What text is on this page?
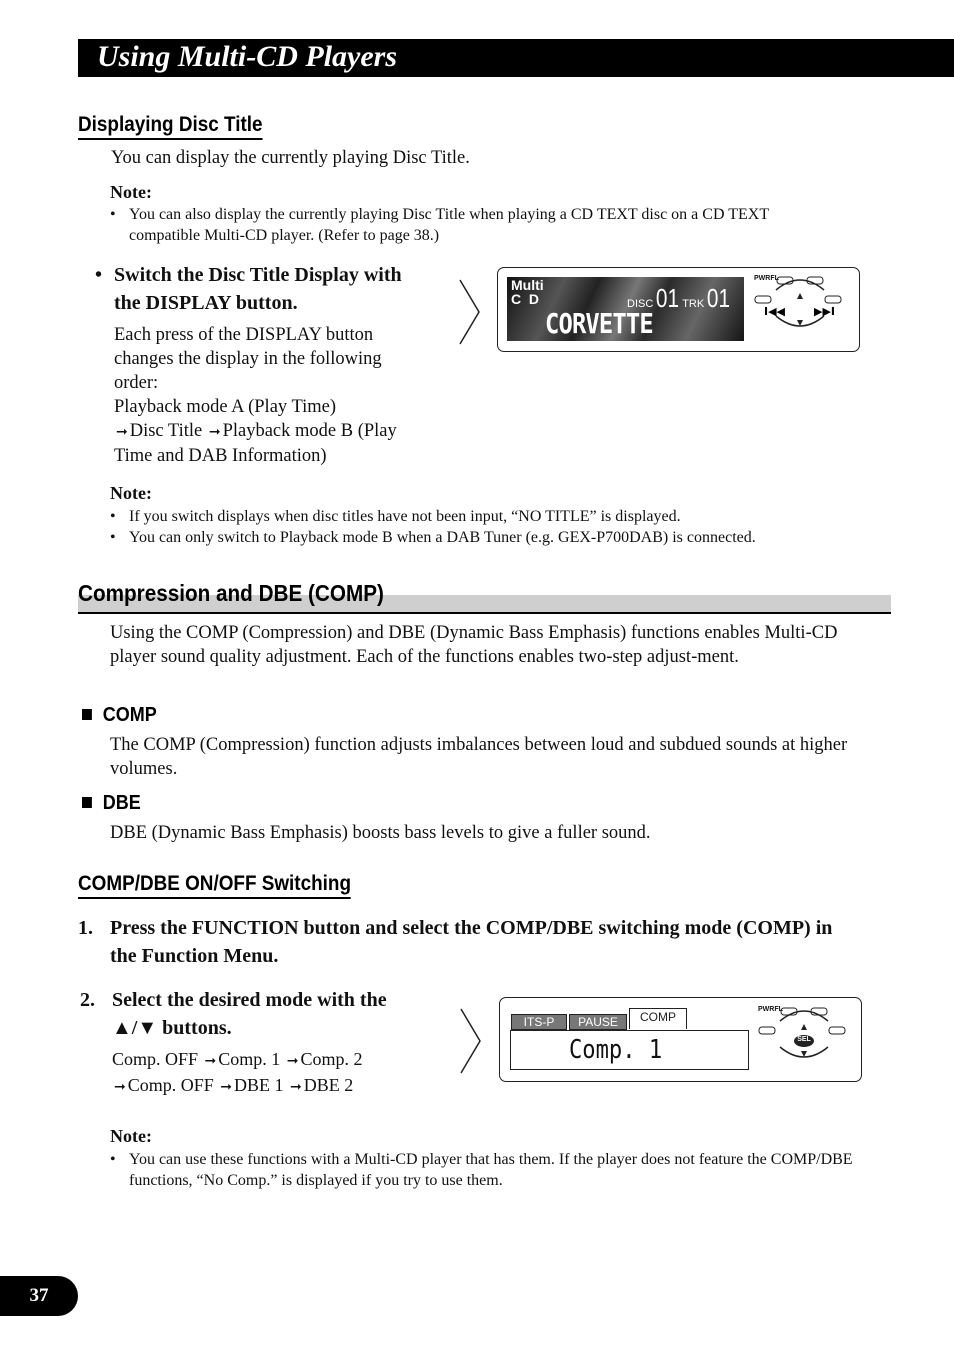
Using Multi-CD Players
Displaying Disc Title
You can display the currently playing Disc Title.
Note:
• You can also display the currently playing Disc Title when playing a CD TEXT disc on a CD TEXT compatible Multi-CD player. (Refer to page 38.)
• Switch the Disc Title Display with the DISPLAY button.
Each press of the DISPLAY button changes the display in the following order:
Playback mode A (Play Time)
➞ Disc Title ➞ Playback mode B (Play Time and DAB Information)
Multi
C  D	DISC 01 TRK 01
CORVETTE
PWRFL
I◀◀	▶▶I
Note:
• If you switch displays when disc titles have not been input, “NO TITLE” is displayed.
• You can only switch to Playback mode B when a DAB Tuner (e.g. GEX-P700DAB) is connected.
Compression and DBE (COMP)
Using the COMP (Compression) and DBE (Dynamic Bass Emphasis) functions enables Multi-CD player sound quality adjustment. Each of the functions enables two-step adjust-ment.
COMP
The COMP (Compression) function adjusts imbalances between loud and subdued sounds at higher volumes.
DBE
DBE (Dynamic Bass Emphasis) boosts bass levels to give a fuller sound.
COMP/DBE ON/OFF Switching
1. Press the FUNCTION button and select the COMP/DBE switching mode (COMP) in the Function Menu.
2. Select the desired mode with the ▲/▼ buttons.
Comp. OFF ➞ Comp. 1 ➞ Comp. 2
➞ Comp. OFF ➞ DBE 1 ➞ DBE 2
ITS-P	PAUSE	COMP
Comp. 1
PWRFL
SEL
Note:
• You can use these functions with a Multi-CD player that has them. If the player does not feature the COMP/DBE functions, “No Comp.” is displayed if you try to use them.
37
